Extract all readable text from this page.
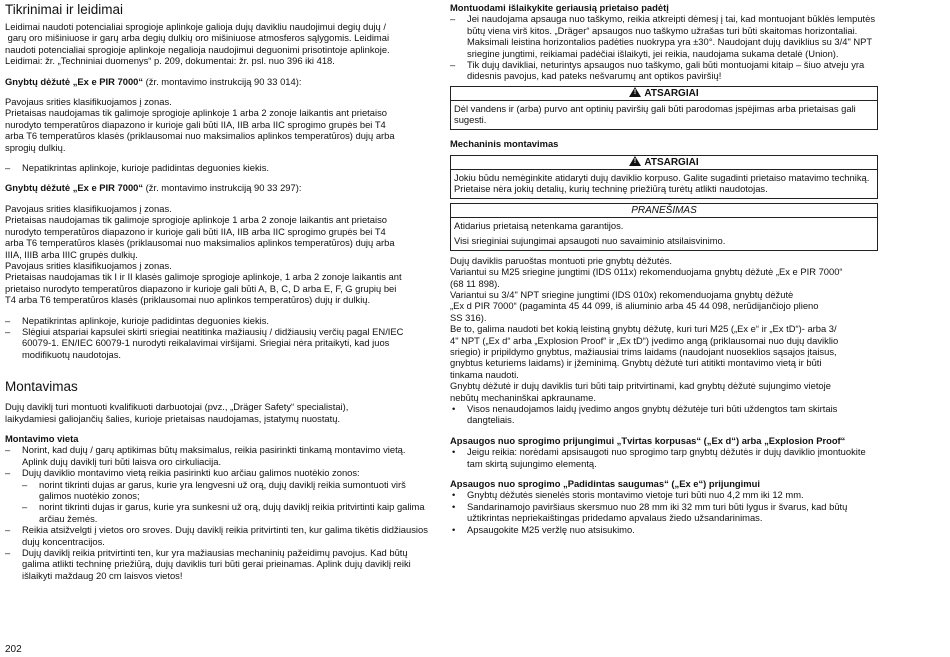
Tikrinimai ir leidimai

Leidimai naudoti potencialiai sprogioje aplinkoje galioja dujų davikliu naudojimui degių dujų /

garų oro mišiniuose ir garų arba degių dulkių oro mišiniuose atmosferos sąlygomis. Leidimai

naudoti potencialiai sprogioje aplinkoje negalioja naudojimui deguonimi prisotintoje aplinkoje.

Leidimai: žr. „Techniniai duomenys“ p. 209, dokumentai: žr. psl. nuo 396 iki 418.

Gnybtų dėžutė „Ex e PIR 7000“ (žr. montavimo instrukciją 90 33 014):

Pavojaus srities klasifikuojamos į zonas.

Prietaisas naudojamas tik galimoje sprogioje aplinkoje 1 arba 2 zonoje laikantis ant prietaiso

nurodyto temperatūros diapazono ir kurioje gali būti IIA, IIB arba IIC sprogimo grupės bei T4

arba T6 temperatūros klasės (priklausomai nuo maksimalios aplinkos temperatūros) dujų arba

sprogių dulkių.

– Nepatikrintas aplinkoje, kurioje padidintas deguonies kiekis.

Gnybtų dėžutė „Ex e PIR 7000“ (žr. montavimo instrukciją 90 33 297):

Pavojaus srities klasifikuojamos į zonas.

Prietaisas naudojamas tik galimoje sprogioje aplinkoje 1 arba 2 zonoje laikantis ant prietaiso

nurodyto temperatūros diapazono ir kurioje gali būti IIA, IIB arba IIC sprogimo grupės bei T4

arba T6 temperatūros klasės (priklausomai nuo maksimalios aplinkos temperatūros) dujų arba

IIIA, IIIB arba IIIC grupės dulkių.

Pavojaus srities klasifikuojamos į zonas.

Prietaisas naudojamas tik I ir II klasės galimoje sprogioje aplinkoje, 1 arba 2 zonoje laikantis ant

prietaiso nurodyto temperatūros diapazono ir kurioje gali būti A, B, C, D arba E, F, G grupių bei

T4 arba T6 temperatūros klasės (priklausomai nuo aplinkos temperatūros) dujų ir dulkių.

– Nepatikrintas aplinkoje, kurioje padidintas deguonies kiekis.
– Slėgiui atspariai kapsulei skirti sriegiai neatitinka mažiausių / didžiausių verčių pagal EN/IEC 60079-1. EN/IEC 60079-1 nurodyti reikalavimai viršijami. Sriegiai nėra pritaikyti, kad juos modifikuotų naudotojas.
Montavimas

Dujų daviklį turi montuoti kvalifikuoti darbuotojai (pvz., „Dräger Safety“ specialistai),

laikydamiesi galiojančių šalies, kurioje prietaisas naudojamas, įstatymų nuostatų.

Montavimo vieta
– Norint, kad dujų / garų aptikimas būtų maksimalus, reikia pasirinkti tinkamą montavimo vietą. Aplink dujų daviklį turi būti laisva oro cirkuliacija.
– Dujų daviklio montavimo vietą reikia pasirinkti kuo arčiau galimos nuotėkio zonos:
– norint tikrinti dujas ar garus, kurie yra lengvesni už orą, dujų daviklį reikia sumontuoti virš galimos nuotėkio zonos;
– norint tikrinti dujas ir garus, kurie yra sunkesni už orą, dujų daviklį reikia pritvirtinti kaip galima arčiau žemės.
– Reikia atsižvelgti į vietos oro sroves. Dujų daviklį reikia pritvirtinti ten, kur galima tikėtis didžiausios dujų koncentracijos.
– Dujų daviklį reikia pritvirtinti ten, kur yra mažiausias mechaninių pažeidimų pavojus. Kad būtų galima atlikti techninę priežiūrą, dujų daviklis turi būti gerai prieinamas. Aplink dujų daviklį reiki išlaikyti maždaug 20 cm laisvos vietos!
Montuodami išlaikykite geriausią prietaiso padėtį
– Jei naudojama apsauga nuo taškymo, reikia atkreipti dėmesį į tai, kad montuojant būklės lemputės būtų viena virš kitos. „Dräger“ apsaugos nuo taškymo užrašas turi būti skaitomas horizontaliai. Maksimali leistina horizontalios padėties nuokrypa yra ±30°. Naudojant dujų daviklius su 3/4" NPT sriegine jungtimi, reikiamai padėčiai išlaikyti, jei reikia, naudojama sukama detalė (Union).
– Tik dujų davikliai, neturintys apsaugos nuo taškymo, gali būti montuojami kitaip – šiuo atveju yra didesnis pavojus, kad pateks nešvarumų ant optikos paviršių!
!ATSARGIAI
Dėl vandens ir (arba) purvo ant optinių paviršių gali būti parodomas įspėjimas arba prietaisas gali sugesti.
Mechaninis montavimas
!ATSARGIAI
Jokiu būdu nemėginkite atidaryti dujų daviklio korpuso. Galite sugadinti prietaiso matavimo techniką. Prietaise nėra jokių detalių, kurių techninę priežiūrą turėtų atlikti naudotojas.
PRANEŠIMAS

Atidarius prietaisą netenkama garantijos.

Visi srieginiai sujungimai apsaugoti nuo savaiminio atsilaisvinimo.

Dujų daviklis paruoštas montuoti prie gnybtų dėžutės.

Variantui su M25 sriegine jungtimi (IDS 011x) rekomenduojama gnybtų dėžutė „Ex e PIR 7000“

(68 11 898).

Variantui su 3/4" NPT sriegine jungtimi (IDS 010x) rekomenduojama gnybtų dėžutė

„Ex d PIR 7000“ (pagaminta 45 44 099, iš aliuminio arba 45 44 098, nerūdijančiojo plieno

SS 316).

Be to, galima naudoti bet kokią leistiną gnybtų dėžutę, kuri turi M25 („Ex e“ ir „Ex tD“)- arba 3/

4" NPT („Ex d“ arba „Explosion Proof“ ir „Ex tD“) įvedimo angą (priklausomai nuo dujų daviklio

sriegio) ir pripildymo gnybtus, mažiausiai trims laidams (naudojant nuoseklios sąsajos įtaisus,

gnybtus keturiems laidams) ir įžeminimą. Gnybtų dėžutė turi atitikti montavimo vietą ir būti

tinkama naudoti.

Gnybtų dėžutė ir dujų daviklis turi būti taip pritvirtinami, kad gnybtų dėžutė sujungimo vietoje

nebūtų mechaninškai apkrauname.

• Visos nenaudojamos laidų įvedimo angos gnybtų dėžutėje turi būti uždengtos tam skirtais dangteliais.
Apsaugos nuo sprogimo prijungimui „Tvirtas korpusas“ („Ex d“) arba „Explosion Proof“
• Jeigu reikia: norėdami apsisaugoti nuo sprogimo tarp gnybtų dėžutės ir dujų daviklio įmontuokite tam skirtą sujungimo elementą.
Apsaugos nuo sprogimo „Padidintas saugumas“ („Ex e“) prijungimui
• Gnybtų dėžutės sienelės storis montavimo vietoje turi būti nuo 4,2 mm iki 12 mm.
• Sandarinamojo paviršiaus skersmuo nuo 28 mm iki 32 mm turi būti lygus ir švarus, kad būtų užtikrintas nepriekaištingas pridedamo apvalaus žiedo užsandarinimas.
• Apsaugokite M25 veržlę nuo atsisukimo.
202
